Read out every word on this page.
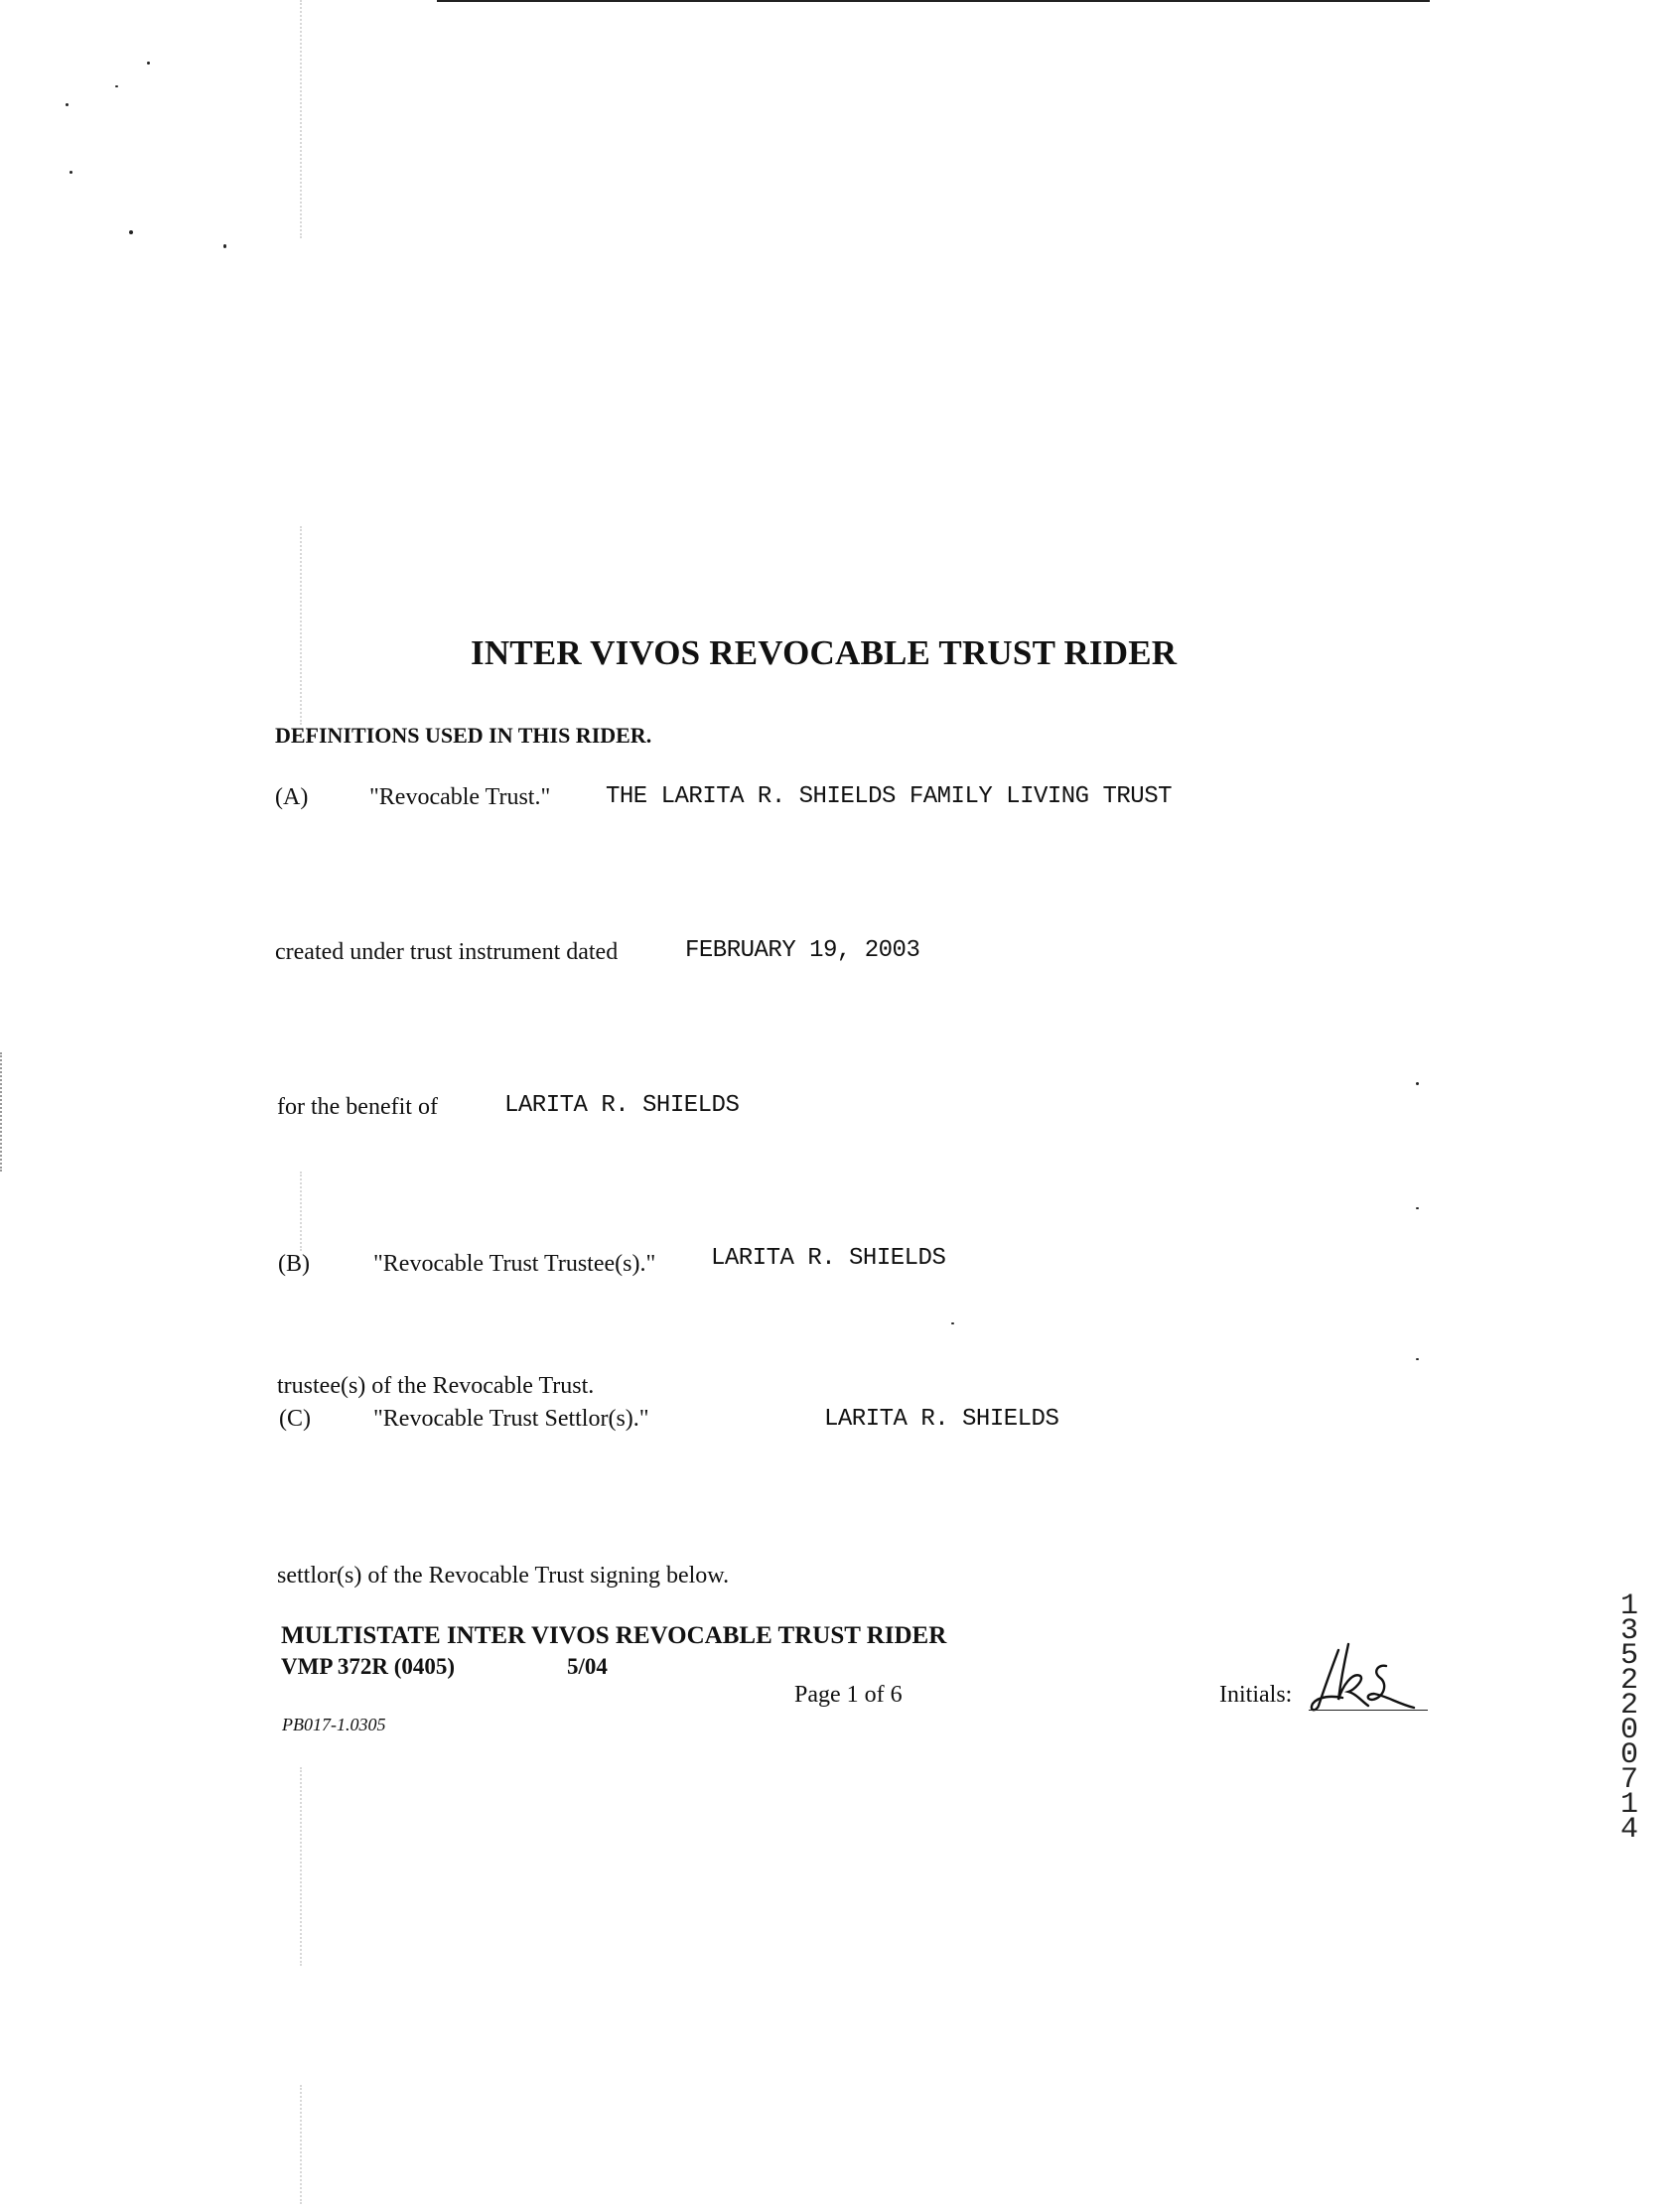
INTER VIVOS REVOCABLE TRUST RIDER
DEFINITIONS USED IN THIS RIDER.
(A)	"Revocable Trust." THE LARITA R. SHIELDS FAMILY LIVING TRUST
created under trust instrument dated	FEBRUARY 19, 2003
for the benefit of	LARITA R. SHIELDS
(B)	"Revocable Trust Trustee(s)." LARITA R. SHIELDS
trustee(s) of the Revocable Trust.
(C)	"Revocable Trust Settlor(s)."	LARITA R. SHIELDS
settlor(s) of the Revocable Trust signing below.
MULTISTATE INTER VIVOS REVOCABLE TRUST RIDER
VMP 372R (0405)	5/04
Page 1 of 6
PB017-1.0305
Initials:
13522 00714
